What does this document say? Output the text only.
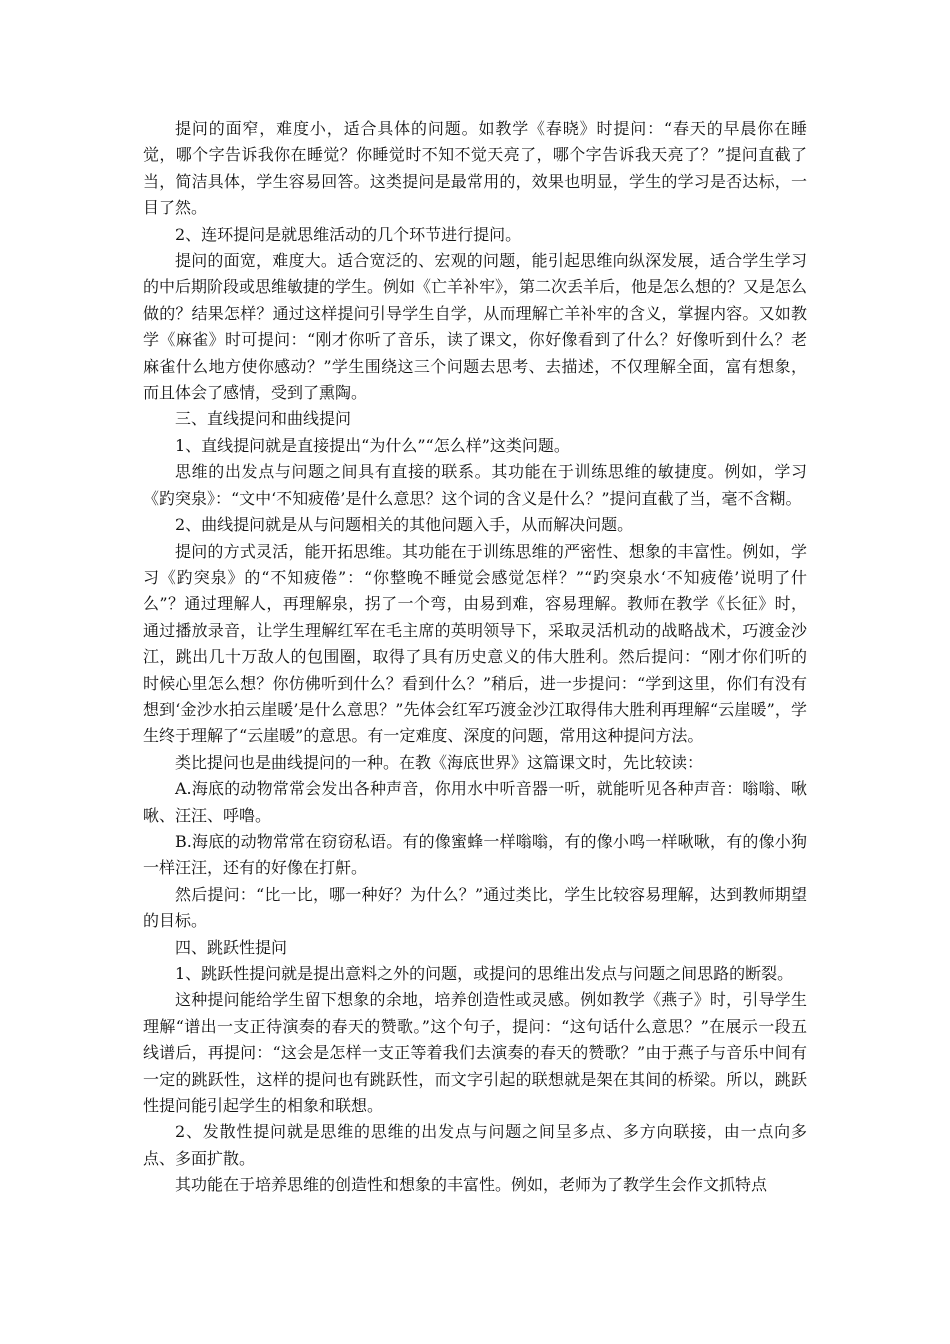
提问的面窄，难度小，适合具体的问题。如教学《春晓》时提问：“春天的早晨你在睡觉，哪个字告诉我你在睡觉？你睡觉时不知不觉天亮了，哪个字告诉我天亮了？”提问直截了当，简洁具体，学生容易回答。这类提问是最常用的，效果也明显，学生的学习是否达标，一目了然。

2、连环提问是就思维活动的几个环节进行提问。

提问的面宽，难度大。适合宽泛的、宏观的问题，能引起思维向纵深发展，适合学生学习的中后期阶段或思维敏捷的学生。例如《亡羊补牢》，第二次丢羊后，他是怎么想的？又是怎么做的？结果怎样？通过这样提问引导学生自学，从而理解亡羊补牢的含义，掌握内容。又如教学《麻雀》时可提问：“刚才你听了音乐，读了课文，你好像看到了什么？好像听到什么？老麻雀什么地方使你感动？”学生围绕这三个问题去思考、去描述，不仅理解全面，富有想象，而且体会了感情，受到了熏陶。

三、直线提问和曲线提问

1、直线提问就是直接提出“为什么”“怎么样”这类问题。

思维的出发点与问题之间具有直接的联系。其功能在于训练思维的敏捷度。例如，学习《趵突泉》：“文中‘不知疲倦’是什么意思？这个词的含义是什么？”提问直截了当，毫不含糊。

2、曲线提问就是从与问题相关的其他问题入手，从而解决问题。

提问的方式灵活，能开拓思维。其功能在于训练思维的严密性、想象的丰富性。例如，学习《趵突泉》的“不知疲倦”：“你整晚不睡觉会感觉怎样？”“趵突泉水‘不知疲倦’说明了什么”？通过理解人，再理解泉，拐了一个弯，由易到难，容易理解。教师在教学《长征》时，通过播放录音，让学生理解红军在毛主席的英明领导下，采取灵活机动的战略战术，巧渡金沙江，跳出几十万敌人的包围圈，取得了具有历史意义的伟大胜利。然后提问：“刚才你们听的时候心里怎么想？你仿佛听到什么？看到什么？”稍后，进一步提问：“学到这里，你们有没有想到‘金沙水拍云崖暖’是什么意思？”先体会红军巧渡金沙江取得伟大胜利再理解“云崖暖”，学生终于理解了“云崖暖”的意思。有一定难度、深度的问题，常用这种提问方法。

类比提问也是曲线提问的一种。在教《海底世界》这篇课文时，先比较读：

A.海底的动物常常会发出各种声音，你用水中听音器一听，就能听见各种声音：嗡嗡、啾啾、汪汪、呼噜。

B.海底的动物常常在窃窃私语。有的像蜜蜂一样嗡嗡，有的像小鸣一样啾啾，有的像小狗一样汪汪，还有的好像在打鼾。

然后提问：“比一比，哪一种好？为什么？”通过类比，学生比较容易理解，达到教师期望的目标。

四、跳跃性提问

1、跳跃性提问就是提出意料之外的问题，或提问的思维出发点与问题之间思路的断裂。

这种提问能给学生留下想象的余地，培养创造性或灵感。例如教学《燕子》时，引导学生理解“谱出一支正待演奏的春天的赞歌。”这个句子，提问：“这句话什么意思？”在展示一段五线谱后，再提问：“这会是怎样一支正等着我们去演奏的春天的赞歌？”由于燕子与音乐中间有一定的跳跃性，这样的提问也有跳跃性，而文字引起的联想就是架在其间的桥梁。所以，跳跃性提问能引起学生的相象和联想。

2、发散性提问就是思维的思维的出发点与问题之间呈多点、多方向联接，由一点向多点、多面扩散。

其功能在于培养思维的创造性和想象的丰富性。例如，老师为了教学生会作文抓特点
